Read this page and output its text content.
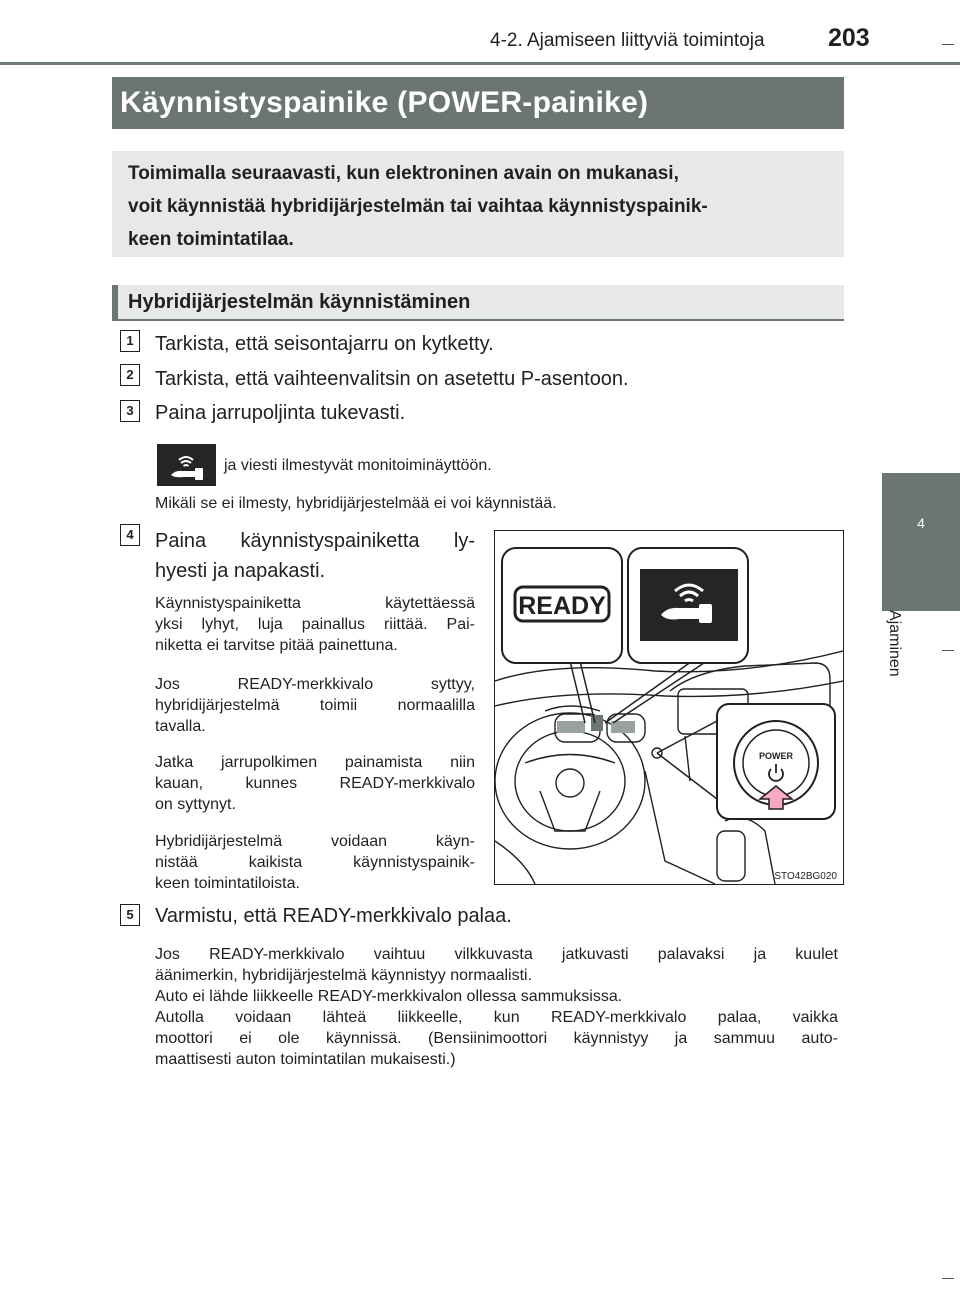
4-2. Ajamiseen liittyviä toimintoja	203
Käynnistyspainike (POWER-painike)
Toimimalla seuraavasti, kun elektroninen avain on mukanasi,
voit käynnistää hybridijärjestelmän tai vaihtaa käynnistyspainik-
keen toimintatilaa.
Hybridijärjestelmän käynnistäminen
1	Tarkista, että seisontajarru on kytketty.
2	Tarkista, että vaihteenvalitsin on asetettu P-asentoon.
3	Paina jarrupoljinta tukevasti.
ja viesti ilmestyvät monitoiminäyttöön.
Mikäli se ei ilmesty, hybridijärjestelmää ei voi käynnistää.
4	Paina käynnistyspainiketta ly-
hyesti ja napakasti.
Käynnistyspainiketta käytettäessä
yksi lyhyt, luja painallus riittää. Pai-
niketta ei tarvitse pitää painettuna.
Jos READY-merkkivalo syttyy,
hybridijärjestelmä toimii normaalilla
tavalla.
Jatka jarrupolkimen painamista niin
kauan, kunnes READY-merkkivalo
on syttynyt.
Hybridijärjestelmä voidaan käyn-
nistää kaikista käynnistyspainik-
keen toimintatiloista.
READY
POWER
STO42BG020
5	Varmistu, että READY-merkkivalo palaa.
Jos READY-merkkivalo vaihtuu vilkkuvasta jatkuvasti palavaksi ja kuulet
äänimerkin, hybridijärjestelmä käynnistyy normaalisti.
Auto ei lähde liikkeelle READY-merkkivalon ollessa sammuksissa.
Autolla voidaan lähteä liikkeelle, kun READY-merkkivalo palaa, vaikka
moottori ei ole käynnissä. (Bensiinimoottori käynnistyy ja sammuu auto-
maattisesti auton toimintatilan mukaisesti.)
4
Ajaminen
